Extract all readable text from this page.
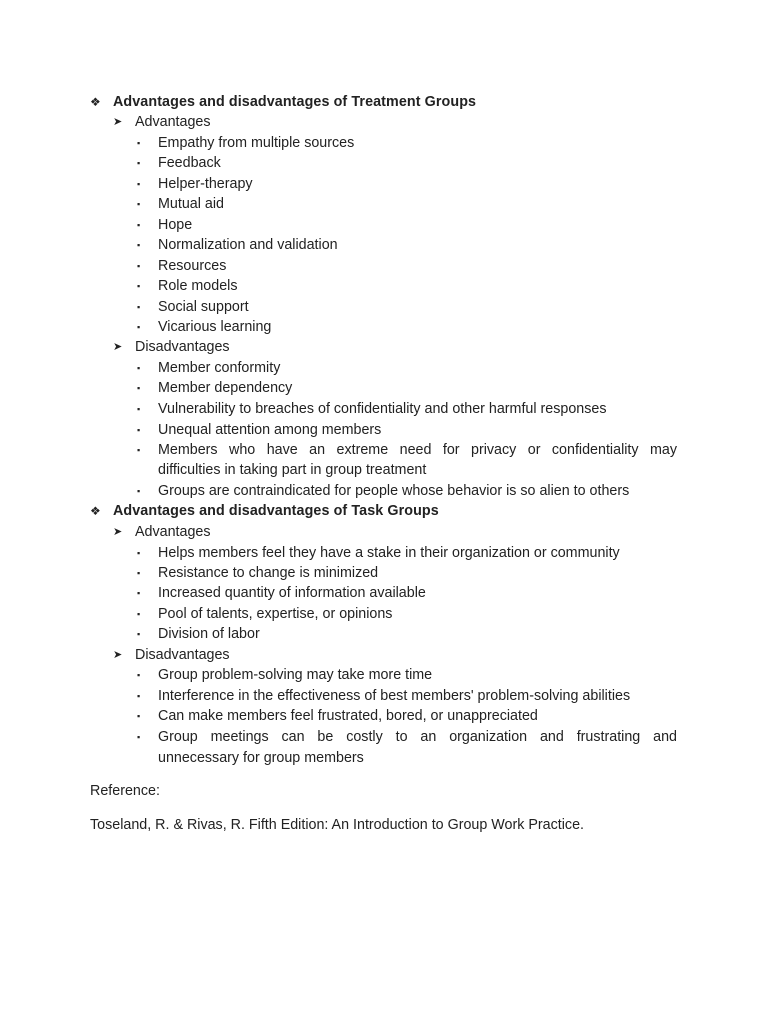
❖ Advantages and disadvantages of Treatment Groups
➤ Advantages
▪ Empathy from multiple sources
▪ Feedback
▪ Helper-therapy
▪ Mutual aid
▪ Hope
▪ Normalization and validation
▪ Resources
▪ Role models
▪ Social support
▪ Vicarious learning
➤ Disadvantages
▪ Member conformity
▪ Member dependency
▪ Vulnerability to breaches of confidentiality and other harmful responses
▪ Unequal attention among members
▪ Members who have an extreme need for privacy or confidentiality may
difficulties in taking part in group treatment
▪ Groups are contraindicated for people whose behavior is so alien to others
❖ Advantages and disadvantages of Task Groups
➤ Advantages
▪ Helps members feel they have a stake in their organization or community
▪ Resistance to change is minimized
▪ Increased quantity of information available
▪ Pool of talents, expertise, or opinions
▪ Division of labor
➤ Disadvantages
▪ Group problem-solving may take more time
▪ Interference in the effectiveness of best members' problem-solving abilities
▪ Can make members feel frustrated, bored, or unappreciated
▪ Group meetings can be costly to an organization and frustrating and
unnecessary for group members
Reference:
Toseland, R. & Rivas, R. Fifth Edition: An Introduction to Group Work Practice.
